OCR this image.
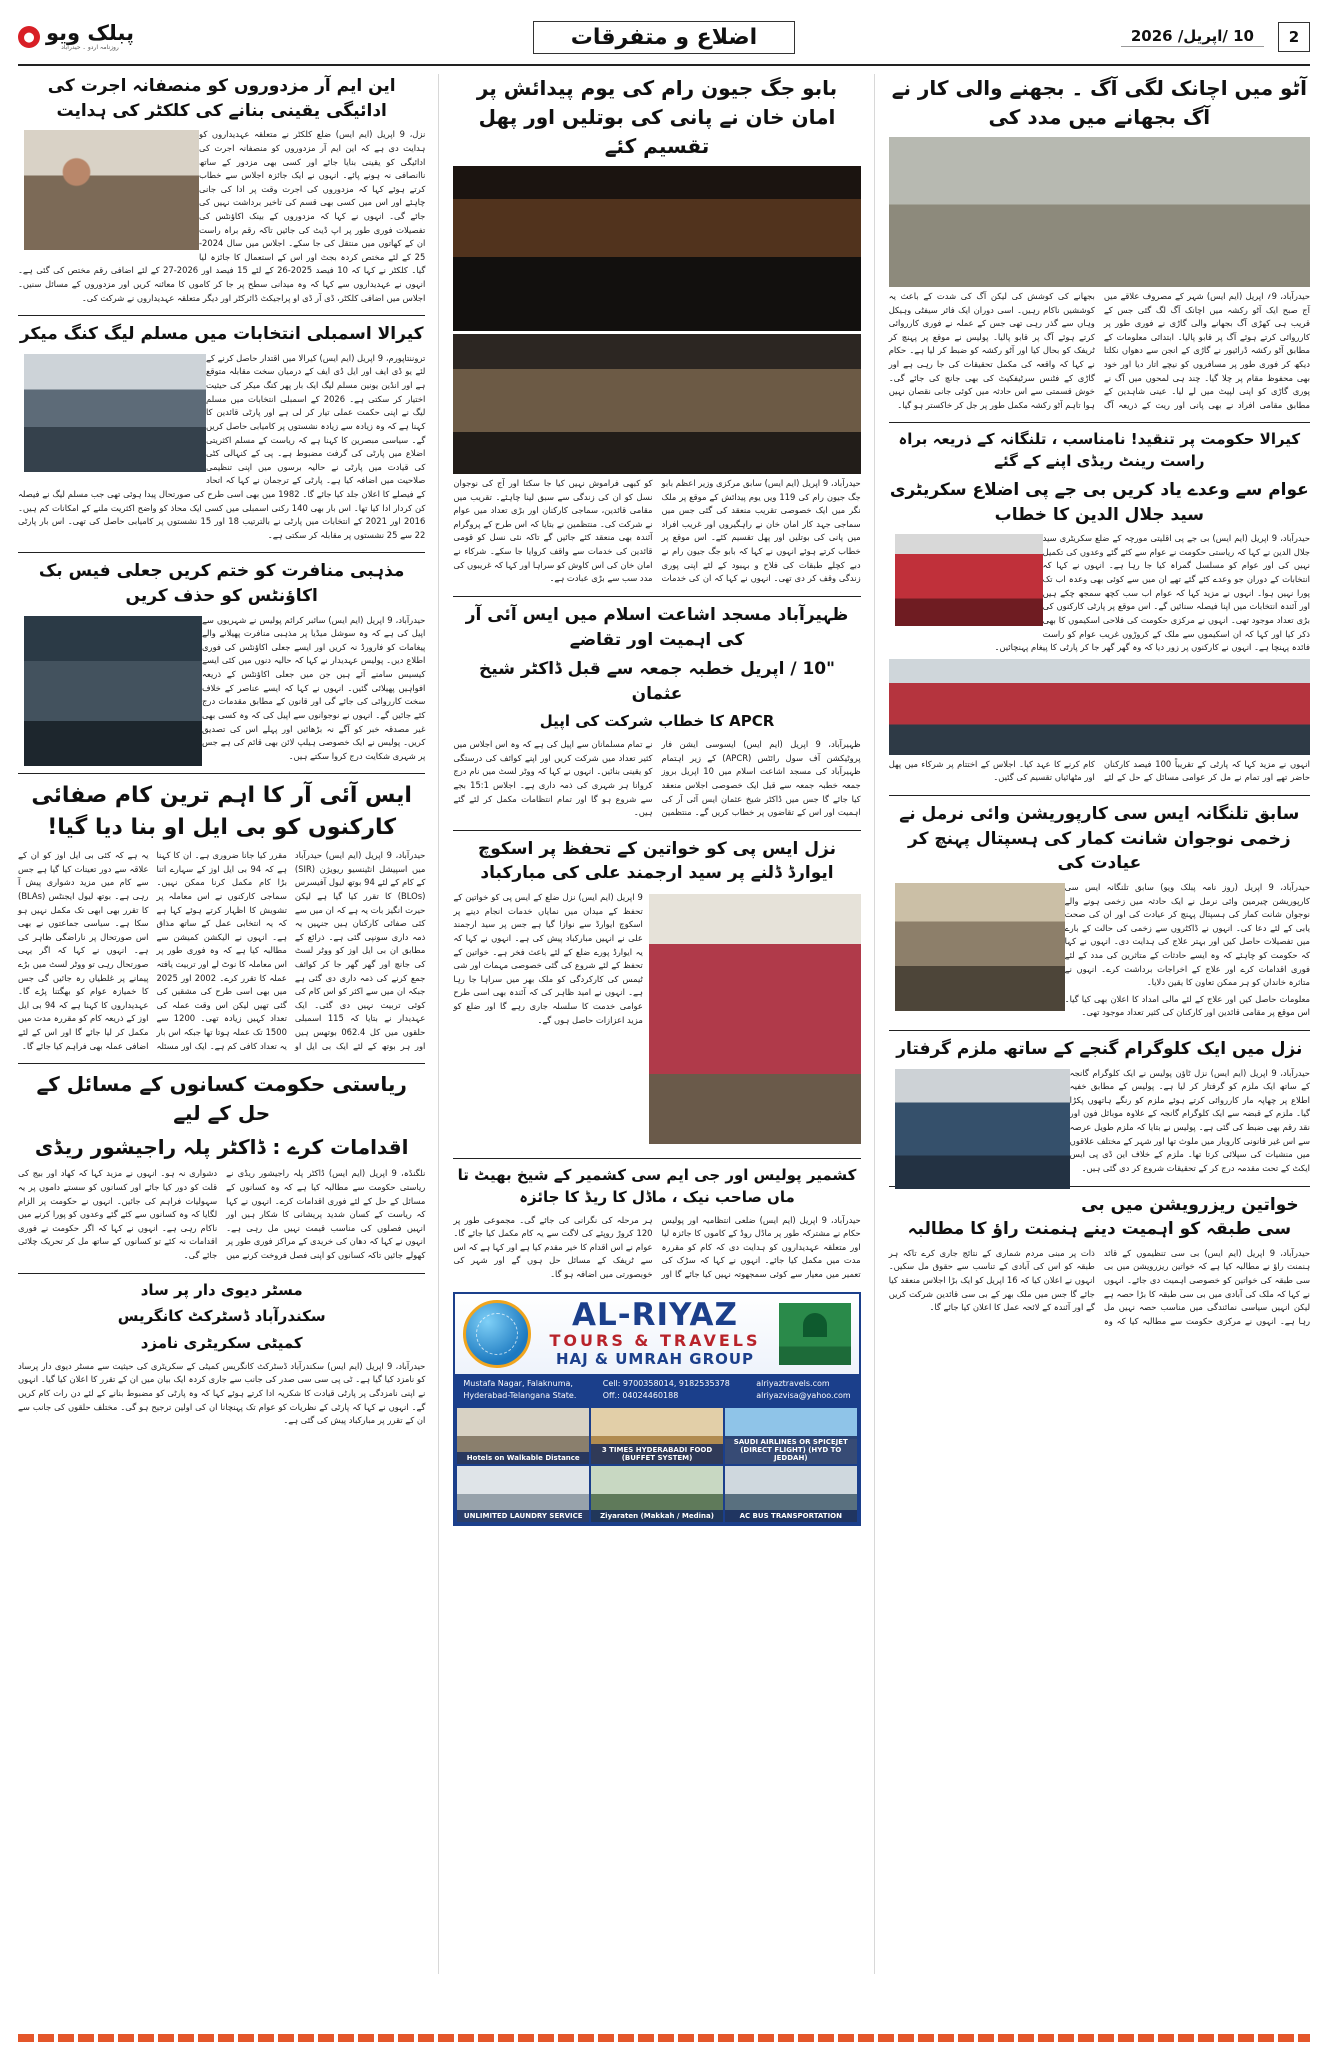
2
10 /اپریل/ 2026
اضلاع و متفرقات
پبلک ویو
روزنامہ اردو ۔ حیدرآباد
●
آٹو میں اچانک لگی آگ ۔ بجھنے والی کار نے آگ بجھانے میں مدد کی
حیدرآباد، 9؍ اپریل (ایم ایس) شہر کے مصروف علاقے میں آج صبح ایک آٹو رکشہ میں اچانک آگ لگ گئی جس کے قریب ہی کھڑی آگ بجھانے والی گاڑی نے فوری طور پر کارروائی کرتے ہوئے آگ پر قابو پالیا۔ ابتدائی معلومات کے مطابق آٹو رکشہ ڈرائیور نے گاڑی کے انجن سے دھواں نکلتا دیکھ کر فوری طور پر مسافروں کو نیچے اتار دیا اور خود بھی محفوظ مقام پر چلا گیا۔ چند ہی لمحوں میں آگ نے پوری گاڑی کو اپنی لپیٹ میں لے لیا۔ عینی شاہدین کے مطابق مقامی افراد نے بھی پانی اور ریت کے ذریعہ آگ بجھانے کی کوشش کی لیکن آگ کی شدت کے باعث یہ کوششیں ناکام رہیں۔ اسی دوران ایک فائر سیفٹی وہیکل وہاں سے گذر رہی تھی جس کے عملہ نے فوری کارروائی کرتے ہوئے آگ پر قابو پالیا۔ پولیس نے موقع پر پہنچ کر ٹریفک کو بحال کیا اور آٹو رکشہ کو ضبط کر لیا ہے۔ حکام نے کہا کہ واقعہ کی مکمل تحقیقات کی جا رہی ہے اور گاڑی کے فٹنس سرٹیفکیٹ کی بھی جانچ کی جائے گی۔ خوش قسمتی سے اس حادثہ میں کوئی جانی نقصان نہیں ہوا تاہم آٹو رکشہ مکمل طور پر جل کر خاکستر ہو گیا۔
کیرالا حکومت پر تنقید! نامناسب ، تلنگانہ کے ذریعہ براہ راست رینٹ ریڈی اپنے کے گئے
عوام سے وعدے یاد کریں بی جے پی اضلاع سکریٹری سید جلال الدین کا خطاب
حیدرآباد، 9 اپریل (ایم ایس) بی جے پی اقلیتی مورچہ کے ضلع سکریٹری سید جلال الدین نے کہا کہ ریاستی حکومت نے عوام سے کئے گئے وعدوں کی تکمیل نہیں کی اور عوام کو مسلسل گمراہ کیا جا رہا ہے۔ انہوں نے کہا کہ انتخابات کے دوران جو وعدے کئے گئے تھے ان میں سے کوئی بھی وعدہ اب تک پورا نہیں ہوا۔ انہوں نے مزید کہا کہ عوام اب سب کچھ سمجھ چکے ہیں اور آئندہ انتخابات میں اپنا فیصلہ سنائیں گے۔ اس موقع پر پارٹی کارکنوں کی بڑی تعداد موجود تھی۔ انہوں نے مرکزی حکومت کی فلاحی اسکیموں کا بھی ذکر کیا اور کہا کہ ان اسکیموں سے ملک کے کروڑوں غریب عوام کو راست فائدہ پہنچا ہے۔ انہوں نے کارکنوں پر زور دیا کہ وہ گھر گھر جا کر پارٹی کا پیغام پہنچائیں۔
انہوں نے مزید کہا کہ پارٹی کے تقریباً 100 فیصد کارکنان حاضر تھے اور تمام نے مل کر عوامی مسائل کے حل کے لئے کام کرنے کا عہد کیا۔ اجلاس کے اختتام پر شرکاء میں پھل اور مٹھائیاں تقسیم کی گئیں۔
سابق تلنگانہ ایس سی کارپوریشن وائی نرمل نے زخمی نوجوان شانت کمار کی ہسپتال پہنچ کر عیادت کی
حیدرآباد، 9 اپریل (روز نامہ پبلک ویو) سابق تلنگانہ ایس سی کارپوریشن چیرمین وائی نرمل نے ایک حادثہ میں زخمی ہونے والے نوجوان شانت کمار کی ہسپتال پہنچ کر عیادت کی اور ان کی صحت یابی کے لئے دعا کی۔ انہوں نے ڈاکٹروں سے زخمی کی حالت کے بارے میں تفصیلات حاصل کیں اور بہتر علاج کی ہدایت دی۔ انہوں نے کہا کہ حکومت کو چاہئے کہ وہ ایسے حادثات کے متاثرین کی مدد کے لئے فوری اقدامات کرے اور علاج کے اخراجات برداشت کرے۔ انہوں نے متاثرہ خاندان کو ہر ممکن تعاون کا یقین دلایا۔
معلومات حاصل کیں اور علاج کے لئے مالی امداد کا اعلان بھی کیا گیا۔ اس موقع پر مقامی قائدین اور کارکنان کی کثیر تعداد موجود تھی۔
نزل میں ایک کلوگرام گنجے کے ساتھ ملزم گرفتار
حیدرآباد، 9 اپریل (ایم ایس) نزل ٹاؤن پولیس نے ایک کلوگرام گانجہ کے ساتھ ایک ملزم کو گرفتار کر لیا ہے۔ پولیس کے مطابق خفیہ اطلاع پر چھاپہ مار کارروائی کرتے ہوئے ملزم کو رنگے ہاتھوں پکڑا گیا۔ ملزم کے قبضہ سے ایک کلوگرام گانجہ کے علاوہ موبائل فون اور نقد رقم بھی ضبط کی گئی ہے۔ پولیس نے بتایا کہ ملزم طویل عرصہ سے اس غیر قانونی کاروبار میں ملوث تھا اور شہر کے مختلف علاقوں میں منشیات کی سپلائی کرتا تھا۔ ملزم کے خلاف این ڈی پی ایس ایکٹ کے تحت مقدمہ درج کر کے تحقیقات شروع کر دی گئی ہیں۔
خواتین ریزرویشن میں بی سی طبقہ کو اہمیت دینے ہنمنت راؤ کا مطالبہ
حیدرآباد، 9 اپریل (ایم ایس) بی سی تنظیموں کے قائد ہنمنت راؤ نے مطالبہ کیا ہے کہ خواتین ریزرویشن میں بی سی طبقہ کی خواتین کو خصوصی اہمیت دی جائے۔ انہوں نے کہا کہ ملک کی آبادی میں بی سی طبقہ کا بڑا حصہ ہے لیکن انہیں سیاسی نمائندگی میں مناسب حصہ نہیں مل رہا ہے۔ انہوں نے مرکزی حکومت سے مطالبہ کیا کہ وہ ذات پر مبنی مردم شماری کے نتائج جاری کرے تاکہ ہر طبقہ کو اس کی آبادی کے تناسب سے حقوق مل سکیں۔ انہوں نے اعلان کیا کہ 16 اپریل کو ایک بڑا اجلاس منعقد کیا جائے گا جس میں ملک بھر کے بی سی قائدین شرکت کریں گے اور آئندہ کے لائحہ عمل کا اعلان کیا جائے گا۔
بابو جگ جیون رام کی یوم پیدائش پر امان خان نے پانی کی بوتلیں اور پھل تقسیم کئے
حیدرآباد، 9 اپریل (ایم ایس) سابق مرکزی وزیر اعظم بابو جگ جیون رام کی 119 ویں یوم پیدائش کے موقع پر ملک نگر میں ایک خصوصی تقریب منعقد کی گئی جس میں سماجی جہد کار امان خان نے راہگیروں اور غریب افراد میں پانی کی بوتلیں اور پھل تقسیم کئے۔ اس موقع پر خطاب کرتے ہوئے انہوں نے کہا کہ بابو جگ جیون رام نے دبے کچلے طبقات کی فلاح و بہبود کے لئے اپنی پوری زندگی وقف کر دی تھی۔ انہوں نے کہا کہ ان کی خدمات کو کبھی فراموش نہیں کیا جا سکتا اور آج کی نوجوان نسل کو ان کی زندگی سے سبق لینا چاہئے۔ تقریب میں مقامی قائدین، سماجی کارکنان اور بڑی تعداد میں عوام نے شرکت کی۔ منتظمین نے بتایا کہ اس طرح کے پروگرام آئندہ بھی منعقد کئے جائیں گے تاکہ نئی نسل کو قومی قائدین کی خدمات سے واقف کروایا جا سکے۔ شرکاء نے امان خان کی اس کاوش کو سراہا اور کہا کہ غریبوں کی مدد سب سے بڑی عبادت ہے۔
ظہیرآباد مسجد اشاعت اسلام میں ایس آئی آر کی اہمیت اور تقاضے
"10 / اپریل خطبہ جمعہ سے قبل ڈاکٹر شیخ عثمان
APCR کا خطاب شرکت کی اپیل
ظہیرآباد، 9 اپریل (ایم ایس) ایسوسی ایشن فار پروٹیکشن آف سول رائٹس (APCR) کے زیر اہتمام ظہیرآباد کی مسجد اشاعت اسلام میں 10 اپریل بروز جمعہ خطبہ جمعہ سے قبل ایک خصوصی اجلاس منعقد کیا جائے گا جس میں ڈاکٹر شیخ عثمان ایس آئی آر کی اہمیت اور اس کے تقاضوں پر خطاب کریں گے۔ منتظمین نے تمام مسلمانان سے اپیل کی ہے کہ وہ اس اجلاس میں کثیر تعداد میں شرکت کریں اور اپنے کوائف کی درستگی کو یقینی بنائیں۔ انہوں نے کہا کہ ووٹر لسٹ میں نام درج کروانا ہر شہری کی ذمہ داری ہے۔ اجلاس 15:1 بجے سے شروع ہو گا اور تمام انتظامات مکمل کر لئے گئے ہیں۔
نزل ایس پی کو خواتین کے تحفظ پر اسکوچ ایوارڈ ڈلنے پر سید ارجمند علی کی مبارکباد
9 اپریل (ایم ایس) نزل ضلع کے ایس پی کو خواتین کے تحفظ کے میدان میں نمایاں خدمات انجام دینے پر اسکوچ ایوارڈ سے نوازا گیا ہے جس پر سید ارجمند علی نے انہیں مبارکباد پیش کی ہے۔ انہوں نے کہا کہ یہ ایوارڈ پورے ضلع کے لئے باعث فخر ہے۔ خواتین کے تحفظ کے لئے شروع کی گئی خصوصی مہمات اور شی ٹیمس کی کارکردگی کو ملک بھر میں سراہا جا رہا ہے۔ انہوں نے امید ظاہر کی کہ آئندہ بھی اسی طرح عوامی خدمت کا سلسلہ جاری رہے گا اور ضلع کو مزید اعزازات حاصل ہوں گے۔
کشمیر پولیس اور جی ایم سی کشمیر کے شیخ بھیٹ تا ماں صاحب نیک ، ماڈل کا ریڈ کا جائزہ
حیدرآباد، 9 اپریل (ایم ایس) ضلعی انتظامیہ اور پولیس حکام نے مشترکہ طور پر ماڈل روڈ کے کاموں کا جائزہ لیا اور متعلقہ عہدیداروں کو ہدایت دی کہ کام کو مقررہ مدت میں مکمل کیا جائے۔ انہوں نے کہا کہ سڑک کی تعمیر میں معیار سے کوئی سمجھوتہ نہیں کیا جائے گا اور ہر مرحلہ کی نگرانی کی جائے گی۔ مجموعی طور پر 120 کروڑ روپئے کی لاگت سے یہ کام مکمل کیا جائے گا۔ عوام نے اس اقدام کا خیر مقدم کیا ہے اور کہا ہے کہ اس سے ٹریفک کے مسائل حل ہوں گے اور شہر کی خوبصورتی میں اضافہ ہو گا۔
AL-RIYAZ
TOURS & TRAVELS
HAJ & UMRAH GROUP
Mustafa Nagar, Falaknuma,
Hyderabad-Telangana State.
Cell: 9700358014, 9182535378
Off.: 04024460188
alriyaztravels.com
alriyazvisa@yahoo.com
SAUDI AIRLINES OR SPICEJET (DIRECT FLIGHT) (HYD TO JEDDAH)
3 TIMES HYDERABADI FOOD (BUFFET SYSTEM)
Hotels on Walkable Distance
AC BUS TRANSPORTATION
Ziyaraten (Makkah / Medina)
UNLIMITED LAUNDRY SERVICE
این ایم آر مزدوروں کو منصفانہ اجرت کی ادائیگی یقینی بنانے کی کلکٹر کی ہدایت
نزل، 9 اپریل (ایم ایس) ضلع کلکٹر نے متعلقہ عہدیداروں کو ہدایت دی ہے کہ این ایم آر مزدوروں کو منصفانہ اجرت کی ادائیگی کو یقینی بنایا جائے اور کسی بھی مزدور کے ساتھ ناانصافی نہ ہونے پائے۔ انہوں نے ایک جائزہ اجلاس سے خطاب کرتے ہوئے کہا کہ مزدوروں کی اجرت وقت پر ادا کی جانی چاہئے اور اس میں کسی بھی قسم کی تاخیر برداشت نہیں کی جائے گی۔ انہوں نے کہا کہ مزدوروں کے بینک اکاؤنٹس کی تفصیلات فوری طور پر اپ ڈیٹ کی جائیں تاکہ رقم براہ راست ان کے کھاتوں میں منتقل کی جا سکے۔ اجلاس میں سال 2024-25 کے لئے مختص کردہ بجٹ اور اس کے استعمال کا جائزہ لیا گیا۔ کلکٹر نے کہا کہ 10 فیصد 2025-26 کے لئے 15 فیصد اور 2026-27 کے لئے اضافی رقم مختص کی گئی ہے۔ انہوں نے عہدیداروں سے کہا کہ وہ میدانی سطح پر جا کر کاموں کا معائنہ کریں اور مزدوروں کے مسائل سنیں۔ اجلاس میں اضافی کلکٹر، ڈی آر ڈی او پراجیکٹ ڈائرکٹر اور دیگر متعلقہ عہدیداروں نے شرکت کی۔
کیرالا اسمبلی انتخابات میں مسلم لیگ کنگ میکر
تروننتاپورم، 9 اپریل (ایم ایس) کیرالا میں اقتدار حاصل کرنے کے لئے یو ڈی ایف اور ایل ڈی ایف کے درمیان سخت مقابلہ متوقع ہے اور انڈین یونین مسلم لیگ ایک بار پھر کنگ میکر کی حیثیت اختیار کر سکتی ہے۔ 2026 کے اسمبلی انتخابات میں مسلم لیگ نے اپنی حکمت عملی تیار کر لی ہے اور پارٹی قائدین کا کہنا ہے کہ وہ زیادہ سے زیادہ نشستوں پر کامیابی حاصل کریں گے۔ سیاسی مبصرین کا کہنا ہے کہ ریاست کے مسلم اکثریتی اضلاع میں پارٹی کی گرفت مضبوط ہے۔ پی کے کنہالی کٹی کی قیادت میں پارٹی نے حالیہ برسوں میں اپنی تنظیمی صلاحیت میں اضافہ کیا ہے۔ پارٹی کے ترجمان نے کہا کہ اتحاد کے فیصلے کا اعلان جلد کیا جائے گا۔ 1982 میں بھی اسی طرح کی صورتحال پیدا ہوئی تھی جب مسلم لیگ نے فیصلہ کن کردار ادا کیا تھا۔ اس بار بھی 140 رکنی اسمبلی میں کسی ایک محاذ کو واضح اکثریت ملنے کے امکانات کم ہیں۔ 2016 اور 2021 کے انتخابات میں پارٹی نے بالترتیب 18 اور 15 نشستوں پر کامیابی حاصل کی تھی۔ اس بار پارٹی 22 سے 25 نشستوں پر مقابلہ کر سکتی ہے۔
مذہبی منافرت کو ختم کریں جعلی فیس بک اکاؤنٹس کو حذف کریں
حیدرآباد، 9 اپریل (ایم ایس) سائبر کرائم پولیس نے شہریوں سے اپیل کی ہے کہ وہ سوشل میڈیا پر مذہبی منافرت پھیلانے والے پیغامات کو فارورڈ نہ کریں اور ایسے جعلی اکاؤنٹس کی فوری اطلاع دیں۔ پولیس عہدیدار نے کہا کہ حالیہ دنوں میں کئی ایسے کیسیس سامنے آئے ہیں جن میں جعلی اکاؤنٹس کے ذریعہ افواہیں پھیلائی گئیں۔ انہوں نے کہا کہ ایسے عناصر کے خلاف سخت کارروائی کی جائے گی اور قانون کے مطابق مقدمات درج کئے جائیں گے۔ انہوں نے نوجوانوں سے اپیل کی کہ وہ کسی بھی غیر مصدقہ خبر کو آگے نہ بڑھائیں اور پہلے اس کی تصدیق کریں۔ پولیس نے ایک خصوصی ہیلپ لائن بھی قائم کی ہے جس پر شہری شکایت درج کروا سکتے ہیں۔
ایس آئی آر کا اہم ترین کام صفائی کارکنوں کو بی ایل او بنا دیا گیا!
حیدرآباد، 9 اپریل (ایم ایس) حیدرآباد میں اسپیشل انٹینسیو ریویژن (SIR) کے کام کے لئے 94 بوتھ لیول آفیسرس (BLOs) کا تقرر کیا گیا ہے لیکن حیرت انگیز بات یہ ہے کہ ان میں سے کئی صفائی کارکنان ہیں جنہیں یہ ذمہ داری سونپی گئی ہے۔ ذرائع کے مطابق ان بی ایل اوز کو ووٹر لسٹ کی جانچ اور گھر گھر جا کر کوائف جمع کرنے کی ذمہ داری دی گئی ہے جبکہ ان میں سے اکثر کو اس کام کی کوئی تربیت نہیں دی گئی۔ ایک عہدیدار نے بتایا کہ 115 اسمبلی حلقوں میں کل 062.4 بوتھس ہیں اور ہر بوتھ کے لئے ایک بی ایل او مقرر کیا جانا ضروری ہے۔ ان کا کہنا ہے کہ 94 بی ایل اوز کے سہارے اتنا بڑا کام مکمل کرنا ممکن نہیں۔ سماجی کارکنوں نے اس معاملہ پر تشویش کا اظہار کرتے ہوئے کہا ہے کہ یہ انتخابی عمل کے ساتھ مذاق ہے۔ انہوں نے الیکشن کمیشن سے مطالبہ کیا ہے کہ وہ فوری طور پر اس معاملہ کا نوٹ لے اور تربیت یافتہ عملہ کا تقرر کرے۔ 2002 اور 2025 میں بھی اسی طرح کی مشقیں کی گئی تھیں لیکن اس وقت عملہ کی تعداد کہیں زیادہ تھی۔ 1200 سے 1500 تک عملہ ہوتا تھا جبکہ اس بار یہ تعداد کافی کم ہے۔ ایک اور مسئلہ یہ ہے کہ کئی بی ایل اوز کو ان کے علاقہ سے دور تعینات کیا گیا ہے جس سے کام میں مزید دشواری پیش آ رہی ہے۔ بوتھ لیول ایجنٹس (BLAs) کا تقرر بھی ابھی تک مکمل نہیں ہو سکا ہے۔ سیاسی جماعتوں نے بھی اس صورتحال پر ناراضگی ظاہر کی ہے۔ انہوں نے کہا کہ اگر یہی صورتحال رہی تو ووٹر لسٹ میں بڑے پیمانے پر غلطیاں رہ جائیں گی جس کا خمیازہ عوام کو بھگتنا پڑے گا۔ عہدیداروں کا کہنا ہے کہ 94 بی ایل اوز کے ذریعہ کام کو مقررہ مدت میں مکمل کر لیا جائے گا اور اس کے لئے اضافی عملہ بھی فراہم کیا جائے گا۔
ریاستی حکومت کسانوں کے مسائل کے حل کے لیے
اقدامات کرے : ڈاکٹر پلہ راجیشور ریڈی
نلگنڈہ، 9 اپریل (ایم ایس) ڈاکٹر پلہ راجیشور ریڈی نے ریاستی حکومت سے مطالبہ کیا ہے کہ وہ کسانوں کے مسائل کے حل کے لئے فوری اقدامات کرے۔ انہوں نے کہا کہ ریاست کے کسان شدید پریشانی کا شکار ہیں اور انہیں فصلوں کی مناسب قیمت نہیں مل رہی ہے۔ انہوں نے کہا کہ دھان کی خریدی کے مراکز فوری طور پر کھولے جائیں تاکہ کسانوں کو اپنی فصل فروخت کرنے میں دشواری نہ ہو۔ انہوں نے مزید کہا کہ کھاد اور بیج کی قلت کو دور کیا جائے اور کسانوں کو سستے داموں پر یہ سہولیات فراہم کی جائیں۔ انہوں نے حکومت پر الزام لگایا کہ وہ کسانوں سے کئے گئے وعدوں کو پورا کرنے میں ناکام رہی ہے۔ انہوں نے کہا کہ اگر حکومت نے فوری اقدامات نہ کئے تو کسانوں کے ساتھ مل کر تحریک چلائی جائے گی۔
مسٹر دیوی دار پر ساد
سکندرآباد ڈسٹرکٹ کانگریس
کمیٹی سکریٹری نامزد
حیدرآباد، 9 اپریل (ایم ایس) سکندرآباد ڈسٹرکٹ کانگریس کمیٹی کے سکریٹری کی حیثیت سے مسٹر دیوی دار پرساد کو نامزد کیا گیا ہے۔ ٹی پی سی سی صدر کی جانب سے جاری کردہ ایک بیان میں ان کے تقرر کا اعلان کیا گیا۔ انہوں نے اپنی نامزدگی پر پارٹی قیادت کا شکریہ ادا کرتے ہوئے کہا کہ وہ پارٹی کو مضبوط بنانے کے لئے دن رات کام کریں گے۔ انہوں نے کہا کہ پارٹی کے نظریات کو عوام تک پہنچانا ان کی اولین ترجیح ہو گی۔ مختلف حلقوں کی جانب سے ان کے تقرر پر مبارکباد پیش کی گئی ہے۔
